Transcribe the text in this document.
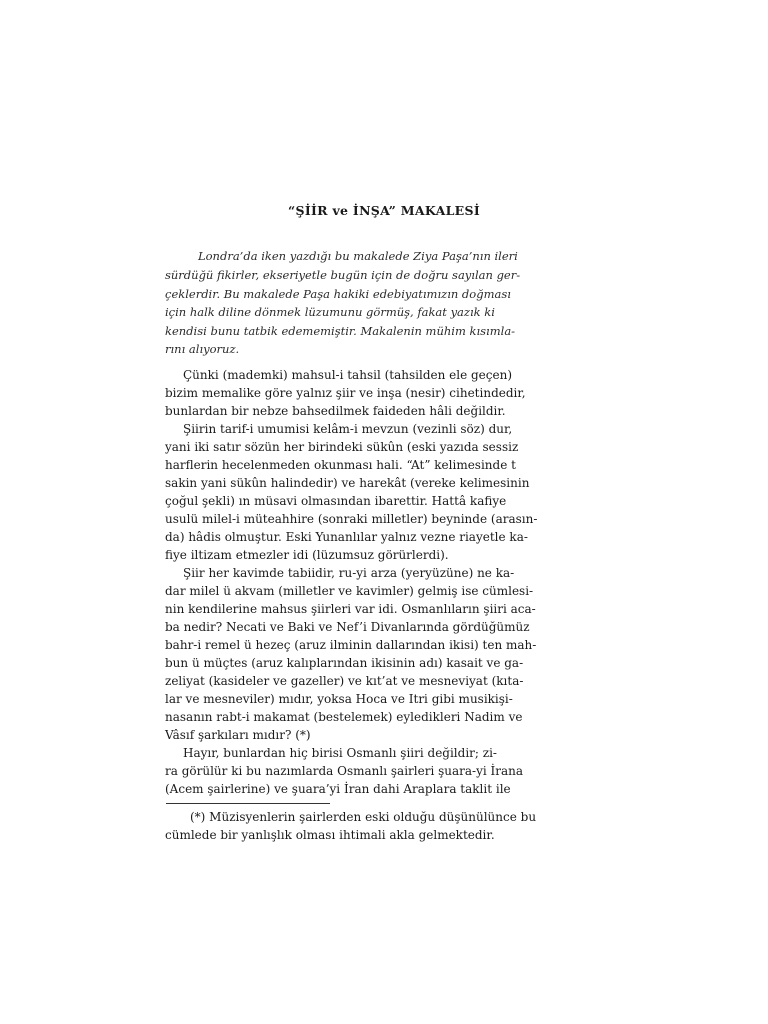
“ŞİİR ve İNŞA” MAKALESİ
Londra’da iken yazdığı bu makalede Ziya Paşa’nın ileri
sürdüğü fikirler, ekseriyetle bugün için de doğru sayılan ger-
çeklerdir. Bu makalede Paşa hakiki edebiyatımızın doğması
için halk diline dönmek lüzumunu görmüş, fakat yazık ki
kendisi bunu tatbik edememiştir. Makalenin mühim kısımla-
rını alıyoruz.
Çünki (mademki) mahsul-i tahsil (tahsilden ele geçen)
bizim memalike göre yalnız şiir ve inşa (nesir) cihetindedir,
bunlardan bir nebze bahsedilmek faideden hâli değildir.
Şiirin tarif-i umumisi kelâm-i mevzun (vezinli söz) dur,
yani iki satır sözün her birindeki sükûn (eski yazıda sessiz
harflerin hecelenmeden okunması hali. “At” kelimesinde t
sakin yani sükûn halindedir) ve harekât (vereke kelimesinin
çoğul şekli) ın müsavi olmasından ibarettir. Hattâ kafiye
usulü milel-i müteahhire (sonraki milletler) beyninde (arasın-
da) hâdis olmuştur. Eski Yunanlılar yalnız vezne riayetle ka-
fiye iltizam etmezler idi (lüzumsuz görürlerdi).
Şiir her kavimde tabiidir, ru-yi arza (yeryüzüne) ne ka-
dar milel ü akvam (milletler ve kavimler) gelmiş ise cümlesi-
nin kendilerine mahsus şiirleri var idi. Osmanlıların şiiri aca-
ba nedir? Necati ve Baki ve Nef’i Divanlarında gördüğümüz
bahr-i remel ü hezeç (aruz ilminin dallarından ikisi) ten mah-
bun ü müçtes (aruz kalıplarından ikisinin adı) kasait ve ga-
zeliyat (kasideler ve gazeller) ve kıt’at ve mesneviyat (kıta-
lar ve mesneviler) mıdır, yoksa Hoca ve Itri gibi musikişi-
nasanın rabt-i makamat (bestelemek) eyledikleri Nadim ve
Vâsıf şarkıları mıdır? (*)
Hayır, bunlardan hiç birisi Osmanlı şiiri değildir; zi-
ra görülür ki bu nazımlarda Osmanlı şairleri şuara-yi İrana
(Acem şairlerine) ve şuara’yi İran dahi Araplara taklit ile
(*) Müzisyenlerin şairlerden eski olduğu düşünülünce bu
cümlede bir yanlışlık olması ihtimali akla gelmektedir.
